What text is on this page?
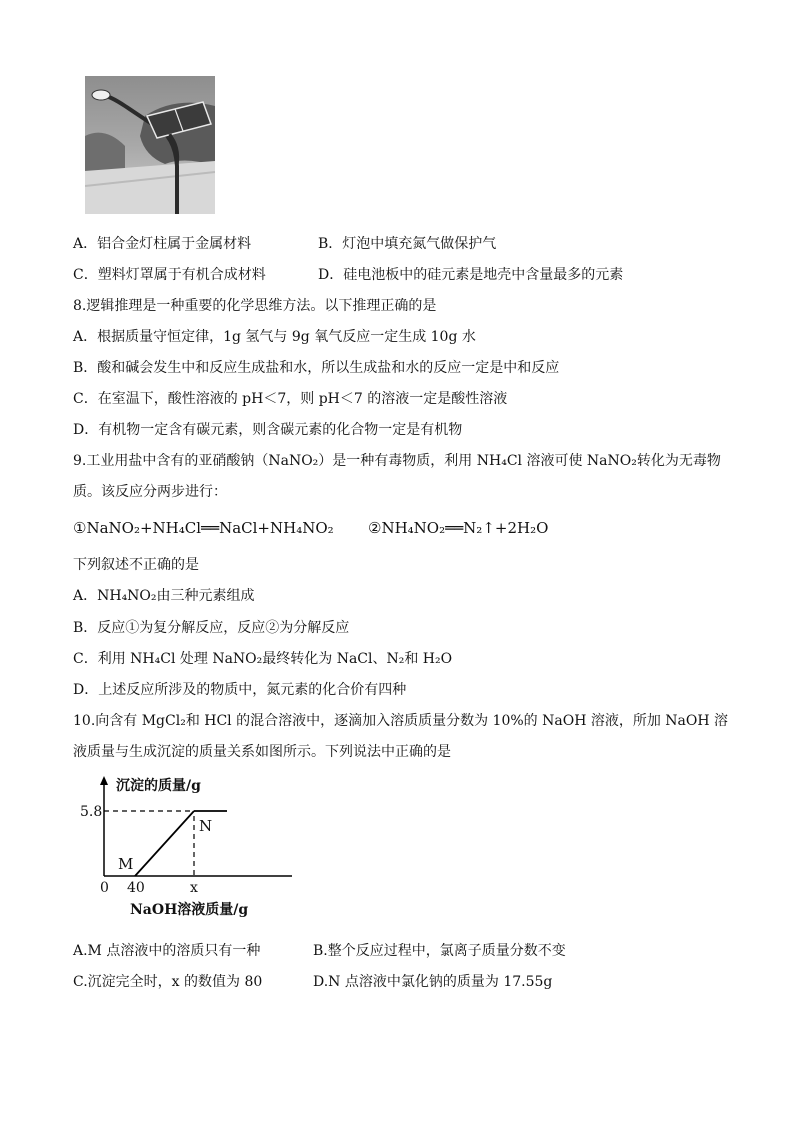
A．铝合金灯柱属于金属材料	B．灯泡中填充氮气做保护气
C．塑料灯罩属于有机合成材料	D．硅电池板中的硅元素是地壳中含量最多的元素
8.逻辑推理是一种重要的化学思维方法。以下推理正确的是
A．根据质量守恒定律，1g 氢气与 9g 氧气反应一定生成 10g 水
B．酸和碱会发生中和反应生成盐和水，所以生成盐和水的反应一定是中和反应
C．在室温下，酸性溶液的 pH＜7，则 pH＜7 的溶液一定是酸性溶液
D．有机物一定含有碳元素，则含碳元素的化合物一定是有机物
9.工业用盐中含有的亚硝酸钠（NaNO₂）是一种有毒物质，利用 NH₄Cl 溶液可使 NaNO₂转化为无毒物
质。该反应分两步进行：
①NaNO₂+NH₄Cl══NaCl+NH₄NO₂ ②NH₄NO₂══N₂↑+2H₂O
下列叙述不正确的是
A．NH₄NO₂由三种元素组成
B．反应①为复分解反应，反应②为分解反应
C．利用 NH₄Cl 处理 NaNO₂最终转化为 NaCl、N₂和 H₂O
D．上述反应所涉及的物质中，氮元素的化合价有四种
10.向含有 MgCl₂和 HCl 的混合溶液中，逐滴加入溶质质量分数为 10%的 NaOH 溶液，所加 NaOH 溶
液质量与生成沉淀的质量关系如图所示。下列说法中正确的是
沉淀的质量/g
5.8
N
M
0 40	x
NaOH溶液质量/g
A.M 点溶液中的溶质只有一种	B.整个反应过程中，氯离子质量分数不变
C.沉淀完全时，x 的数值为 80	D.N 点溶液中氯化钠的质量为 17.55g
